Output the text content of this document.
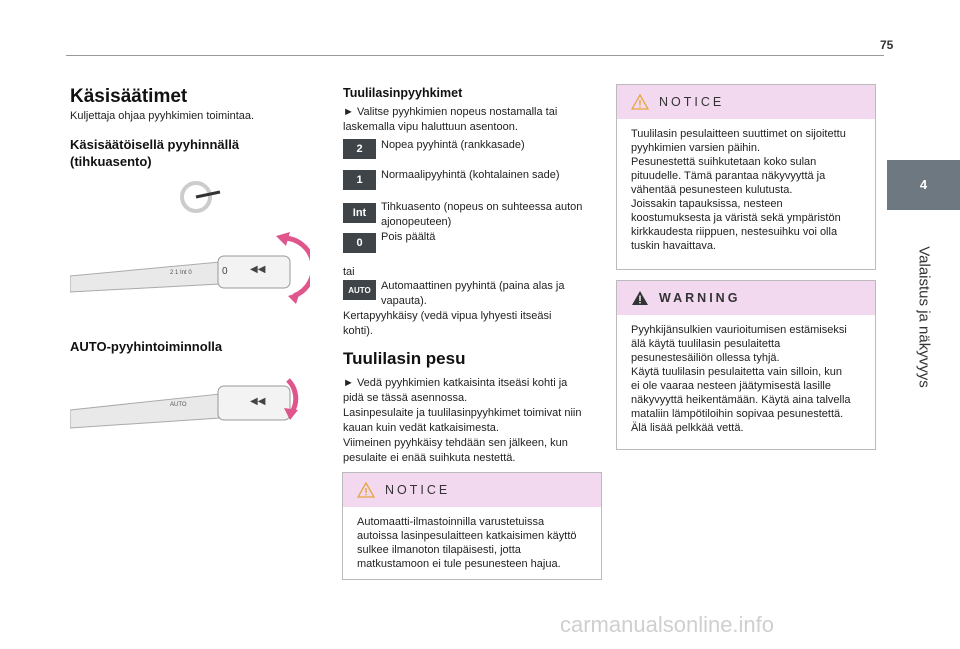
75
4
Valaistus ja näkyvyys
Käsisäätimet
Kuljettaja ohjaa pyyhkimien toimintaa.
Käsisäätöisellä pyyhinnällä (tihkuasento)
2 1 Int 0	0 ◀◀
AUTO-pyyhintoiminnolla
AUTO	◀◀
Tuulilasinpyyhkimet
► Valitse pyyhkimien nopeus nostamalla tai
laskemalla vipu haluttuun asentoon.
2	Nopea pyyhintä (rankkasade)
1	Normaalipyyhintä (kohtalainen sade)
Int	Tihkuasento (nopeus on suhteessa auton
ajonopeuteen)
0	Pois päältä
tai
AUTO Automaattinen pyyhintä (paina alas ja
vapauta).
Kertapyyhkäisy (vedä vipua lyhyesti itseäsi
kohti).
Tuulilasin pesu
► Vedä pyyhkimien katkaisinta itseäsi kohti ja
pidä se tässä asennossa.
Lasinpesulaite ja tuulilasinpyyhkimet toimivat niin
kauan kuin vedät katkaisimesta.
Viimeinen pyyhkäisy tehdään sen jälkeen, kun
pesulaite ei enää suihkuta nestettä.
NOTICE
Automaatti-ilmastoinnilla varustetuissa
autoissa lasinpesulaitteen katkaisimen käyttö
sulkee ilmanoton tilapäisesti, jotta
matkustamoon ei tule pesunesteen hajua.
NOTICE
Tuulilasin pesulaitteen suuttimet on sijoitettu
pyyhkimien varsien päihin.
Pesunestettä suihkutetaan koko sulan
pituudelle. Tämä parantaa näkyvyyttä ja
vähentää pesunesteen kulutusta.
Joissakin tapauksissa, nesteen
koostumuksesta ja väristä sekä ympäristön
kirkkaudesta riippuen, nestesuihku voi olla
tuskin havaittava.
WARNING
Pyyhkijänsulkien vaurioitumisen estämiseksi
älä käytä tuulilasin pesulaitetta
pesunestesäiliön ollessa tyhjä.
Käytä tuulilasin pesulaitetta vain silloin, kun
ei ole vaaraa nesteen jäätymisestä lasille
näkyvyyttä heikentämään. Käytä aina talvella
mataliin lämpötiloihin sopivaa pesunestettä.
Älä lisää pelkkää vettä.
carmanualsonline.info
